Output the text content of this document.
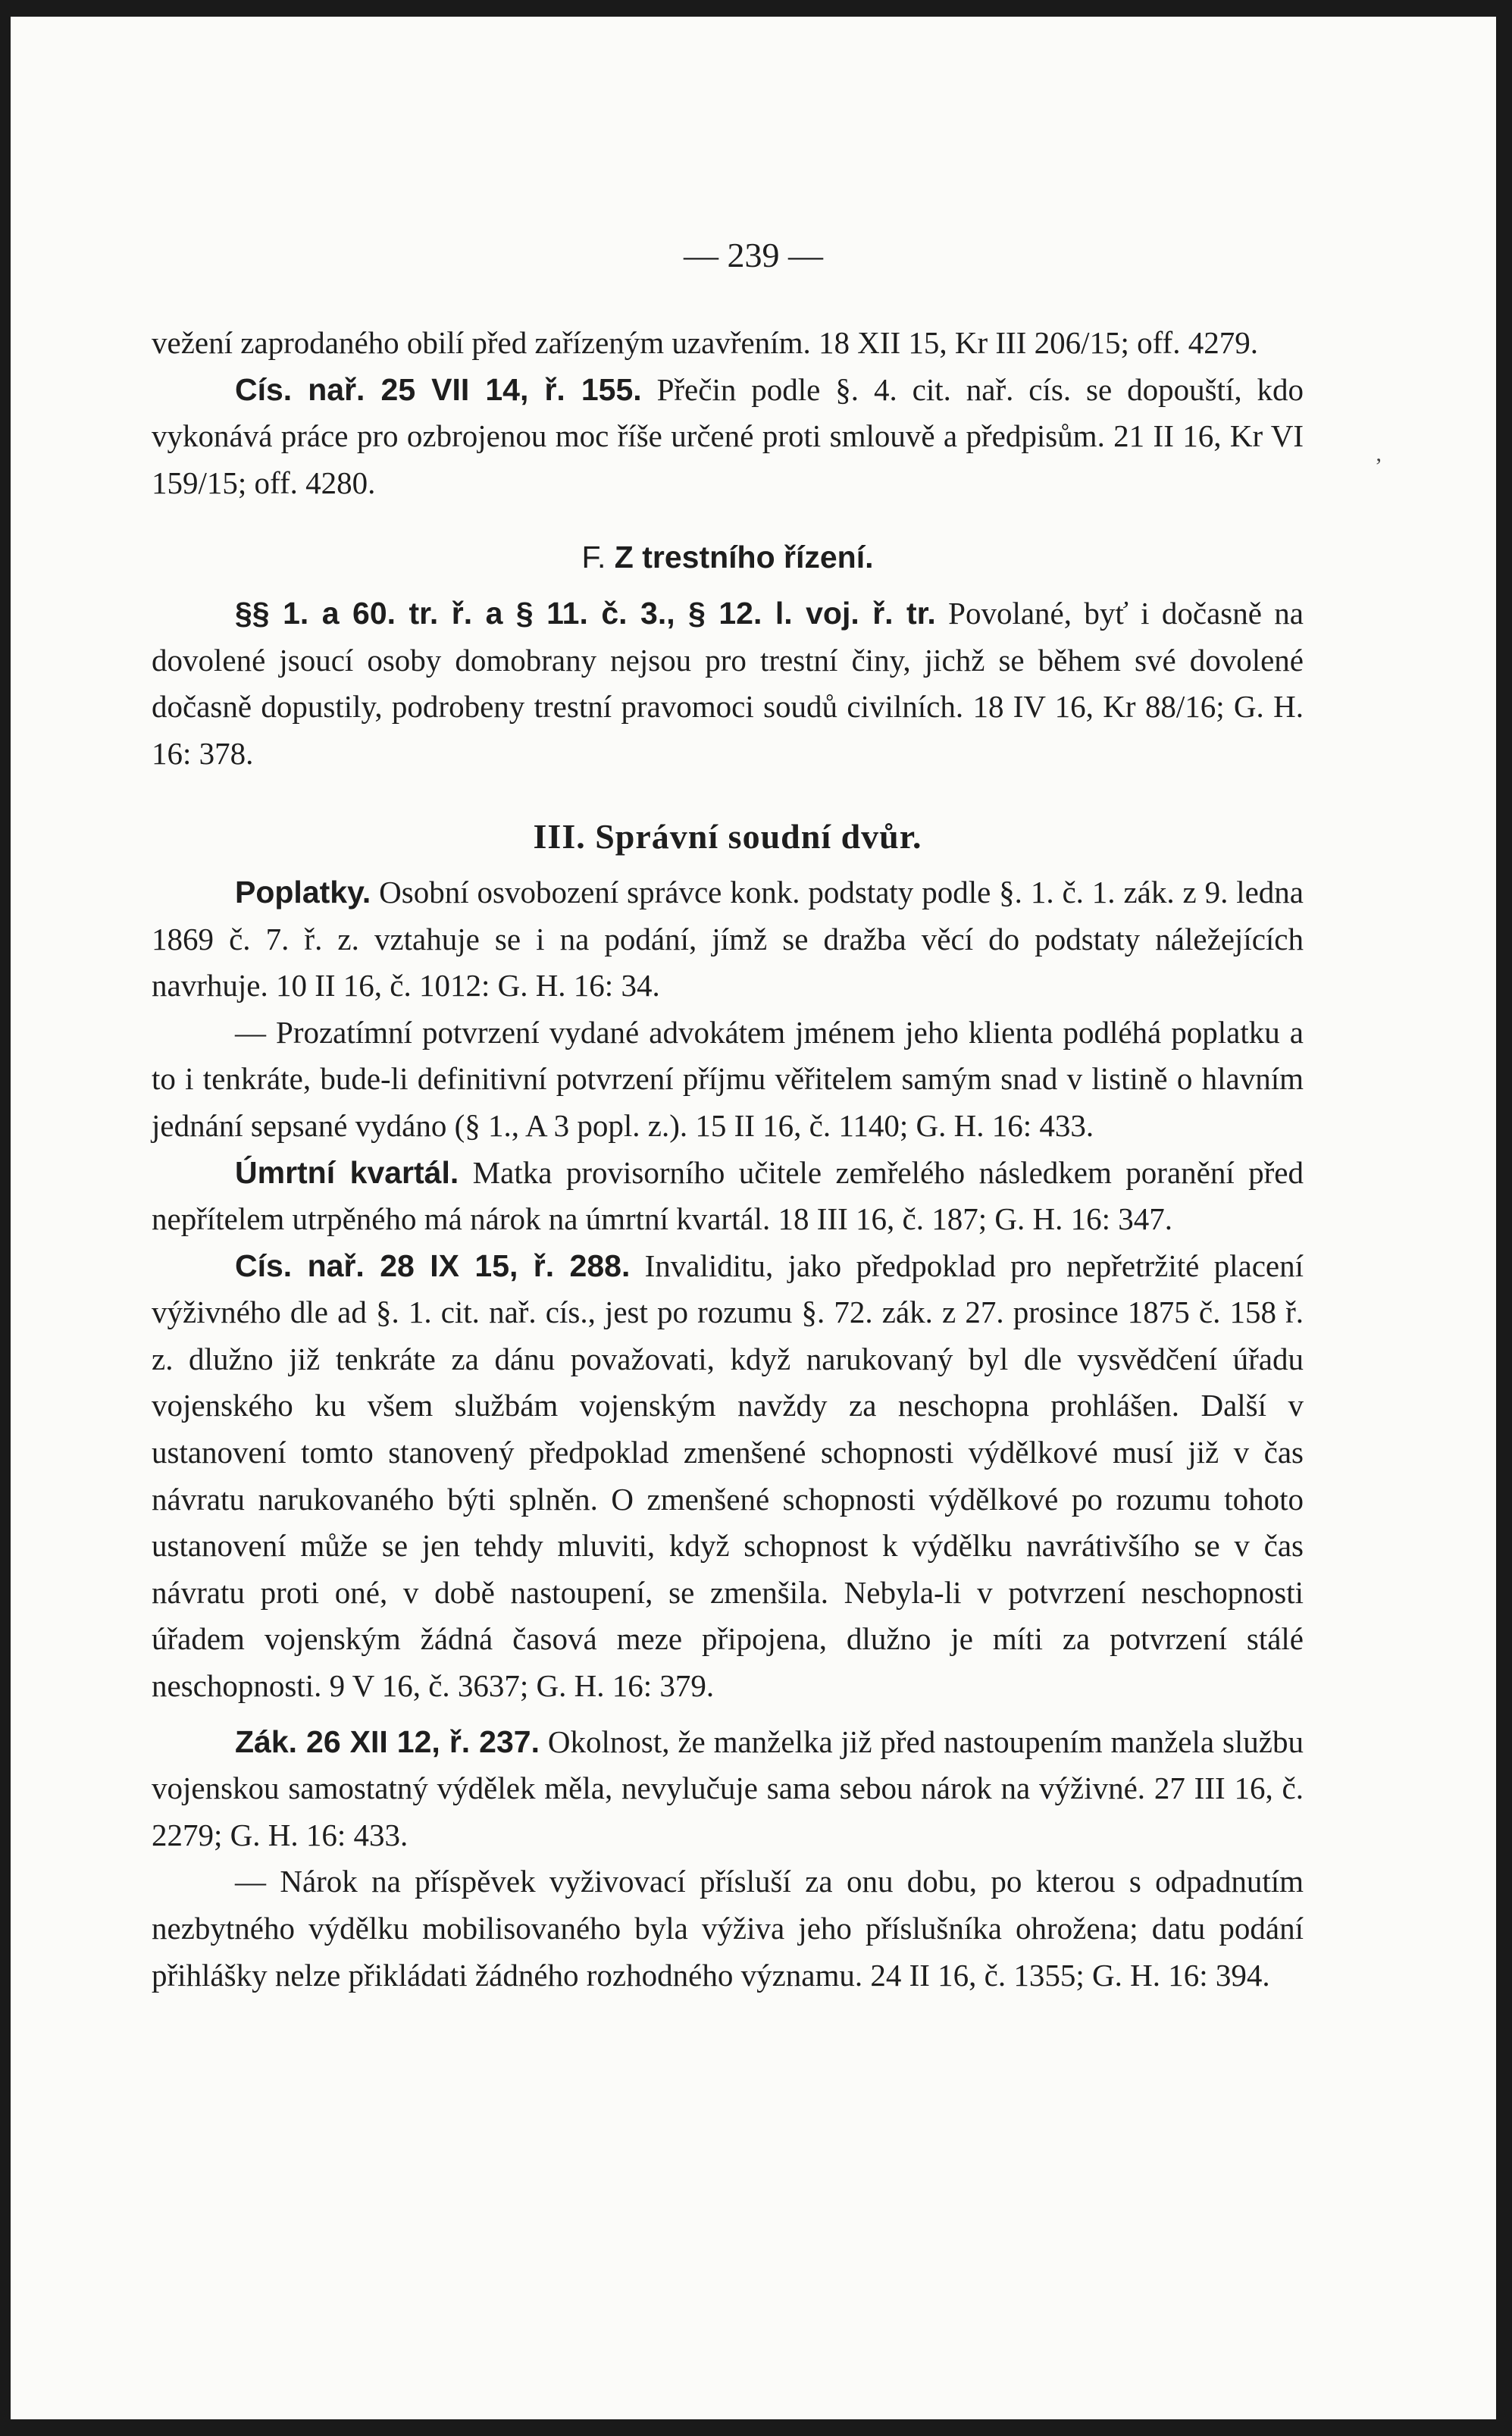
— 239 —
‚

vežení zaprodaného obilí před zařízeným uzavřením. 18 XII 15, Kr III 206/15; off. 4279.

Cís. nař. 25 VII 14, ř. 155. Přečin podle §. 4. cit. nař. cís. se dopouští, kdo vykonává práce pro ozbrojenou moc říše určené proti smlouvě a předpisům. 21 II 16, Kr VI 159/15; off. 4280.

F. Z trestního řízení.

§§ 1. a 60. tr. ř. a § 11. č. 3., § 12. l. voj. ř. tr. Povolané, byť i dočasně na dovolené jsoucí osoby domobrany nejsou pro trestní činy, jichž se během své dovolené dočasně dopustily, podrobeny trestní pravomoci soudů civilních. 18 IV 16, Kr 88/16; G. H. 16: 378.

III. Správní soudní dvůr.

Poplatky. Osobní osvobození správce konk. podstaty podle §. 1. č. 1. zák. z 9. ledna 1869 č. 7. ř. z. vztahuje se i na podání, jímž se dražba věcí do podstaty náležejících navrhuje. 10 II 16, č. 1012: G. H. 16: 34.

— Prozatímní potvrzení vydané advokátem jménem jeho klienta podléhá poplatku a to i tenkráte, bude-li definitivní potvrzení příjmu věřitelem samým snad v listině o hlavním jednání sepsané vydáno (§ 1., A 3 popl. z.). 15 II 16, č. 1140; G. H. 16: 433.

Úmrtní kvartál. Matka provisorního učitele zemřelého následkem poranění před nepřítelem utrpěného má nárok na úmrtní kvartál. 18 III 16, č. 187; G. H. 16: 347.

Cís. nař. 28 IX 15, ř. 288. Invaliditu, jako předpoklad pro nepřetržité placení výživného dle ad §. 1. cit. nař. cís., jest po rozumu §. 72. zák. z 27. prosince 1875 č. 158 ř. z. dlužno již tenkráte za dánu považovati, když narukovaný byl dle vysvědčení úřadu vojenského ku všem službám vojenským navždy za neschopna prohlášen. Další v ustanovení tomto stanovený předpoklad zmenšené schopnosti výdělkové musí již v čas návratu narukovaného býti splněn. O zmenšené schopnosti výdělkové po rozumu tohoto ustanovení může se jen tehdy mluviti, když schopnost k výdělku navrátivšího se v čas návratu proti oné, v době nastoupení, se zmenšila. Nebyla-li v potvrzení neschopnosti úřadem vojenským žádná časová meze připojena, dlužno je míti za potvrzení stálé neschopnosti. 9 V 16, č. 3637; G. H. 16: 379.

Zák. 26 XII 12, ř. 237. Okolnost, že manželka již před nastoupením manžela službu vojenskou samostatný výdělek měla, nevylučuje sama sebou nárok na výživné. 27 III 16, č. 2279; G. H. 16: 433.

— Nárok na příspěvek vyživovací přísluší za onu dobu, po kterou s odpadnutím nezbytného výdělku mobilisovaného byla výživa jeho příslušníka ohrožena; datu podání přihlášky nelze přikládati žádného rozhodného významu. 24 II 16, č. 1355; G. H. 16: 394.
